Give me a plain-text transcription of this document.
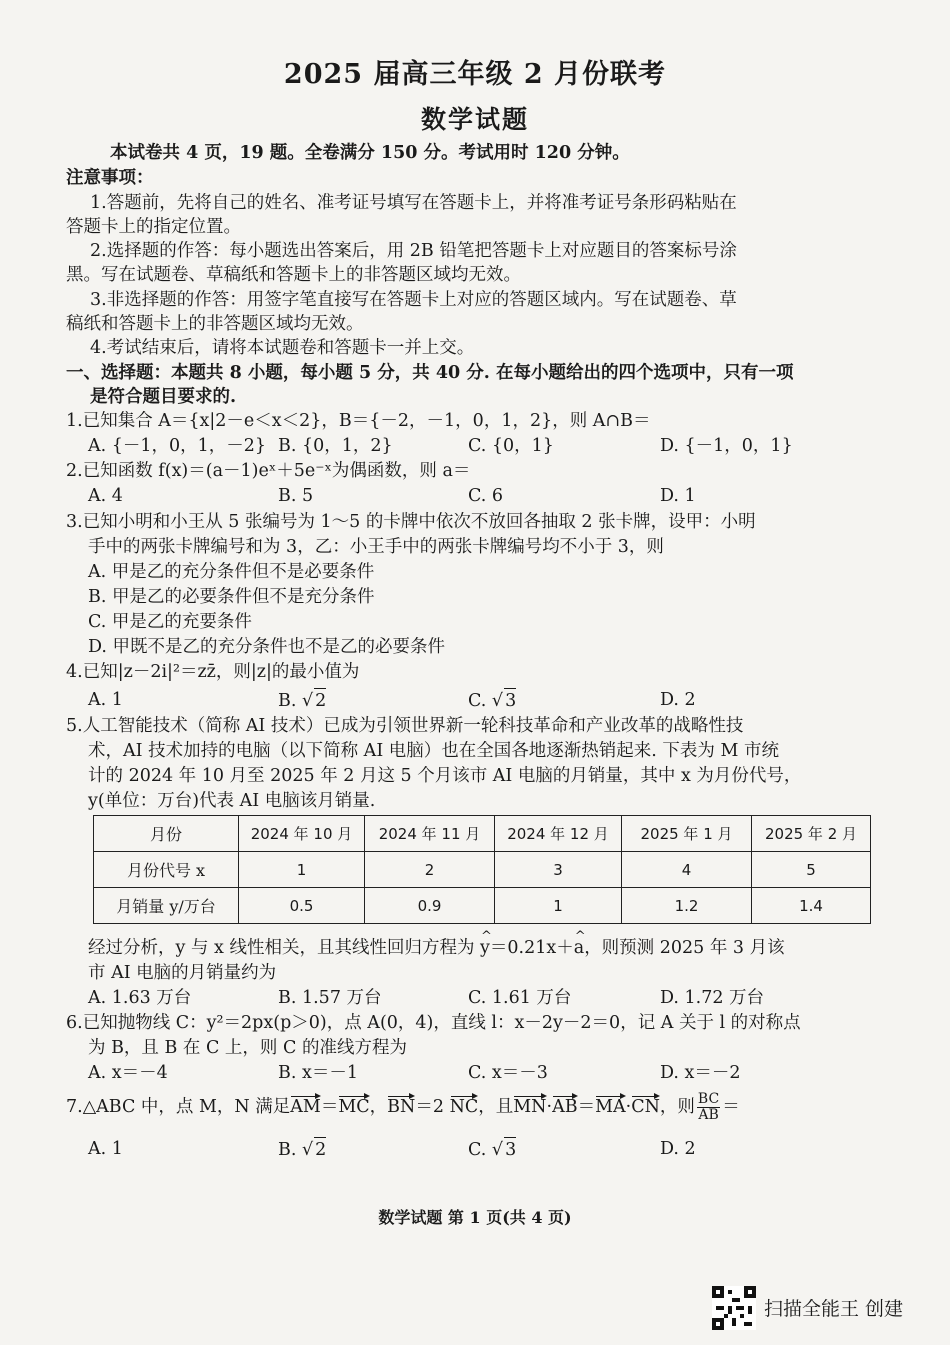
2025 届高三年级 2 月份联考
数学试题
本试卷共 4 页，19 题。全卷满分 150 分。考试用时 120 分钟。
注意事项：
1.答题前，先将自己的姓名、准考证号填写在答题卡上，并将准考证号条形码粘贴在
答题卡上的指定位置。
2.选择题的作答：每小题选出答案后，用 2B 铅笔把答题卡上对应题目的答案标号涂
黑。写在试题卷、草稿纸和答题卡上的非答题区域均无效。
3.非选择题的作答：用签字笔直接写在答题卡上对应的答题区域内。写在试题卷、草
稿纸和答题卡上的非答题区域均无效。
4.考试结束后，请将本试题卷和答题卡一并上交。
一、选择题：本题共 8 小题，每小题 5 分，共 40 分. 在每小题给出的四个选项中，只有一项
是符合题目要求的.
1.已知集合 A＝{x|2－e＜x＜2}，B＝{－2，－1，0，1，2}，则 A∩B＝
A. {－1，0，1，－2} B. {0，1，2}	C. {0，1}	D. {－1，0，1}
2.已知函数 f(x)＝(a－1)eˣ＋5e⁻ˣ为偶函数，则 a＝
A. 4	B. 5	C. 6	D. 1
3.已知小明和小王从 5 张编号为 1～5 的卡牌中依次不放回各抽取 2 张卡牌，设甲：小明
手中的两张卡牌编号和为 3，乙：小王手中的两张卡牌编号均不小于 3，则
A. 甲是乙的充分条件但不是必要条件
B. 甲是乙的必要条件但不是充分条件
C. 甲是乙的充要条件
D. 甲既不是乙的充分条件也不是乙的必要条件
4.已知|z－2i|²＝zz̄，则|z|的最小值为
A. 1	B. √ 2	C. √ 3	D. 2
5.人工智能技术（简称 AI 技术）已成为引领世界新一轮科技革命和产业改革的战略性技
术，AI 技术加持的电脑（以下简称 AI 电脑）也在全国各地逐渐热销起来. 下表为 M 市统
计的 2024 年 10 月至 2025 年 2 月这 5 个月该市 AI 电脑的月销量，其中 x 为月份代号，
y(单位：万台)代表 AI 电脑该月销量.
月份	2024 年 10 月	2024 年 11 月	2024 年 12 月	2025 年 1 月	2025 年 2 月
月份代号 x	1	2	3	4	5
月销量 y/万台	0.5	0.9	1	1.2	1.4
经过分析，y 与 x 线性相关，且其线性回归方程为 ^ y＝0.21x＋^ a，则预测 2025 年 3 月该
市 AI 电脑的月销量约为
A. 1.63 万台	B. 1.57 万台	C. 1.61 万台	D. 1.72 万台
6.已知抛物线 C：y²＝2px(p＞0)，点 A(0，4)，直线 l：x－2y－2＝0，记 A 关于 l 的对称点
为 B，且 B 在 C 上，则 C 的准线方程为
A. x＝－4	B. x＝－1	C. x＝－3	D. x＝－2
7.△ABC 中，点 M，N 满足AM＝MC，BN＝2 NC，且MN·AB＝MA·CN，则 $\frac{BC}{AB}$ ＝
A. 1	B. √ 2	C. √ 3	D. 2
数学试题 第 1 页(共 4 页)
扫描全能王 创建
